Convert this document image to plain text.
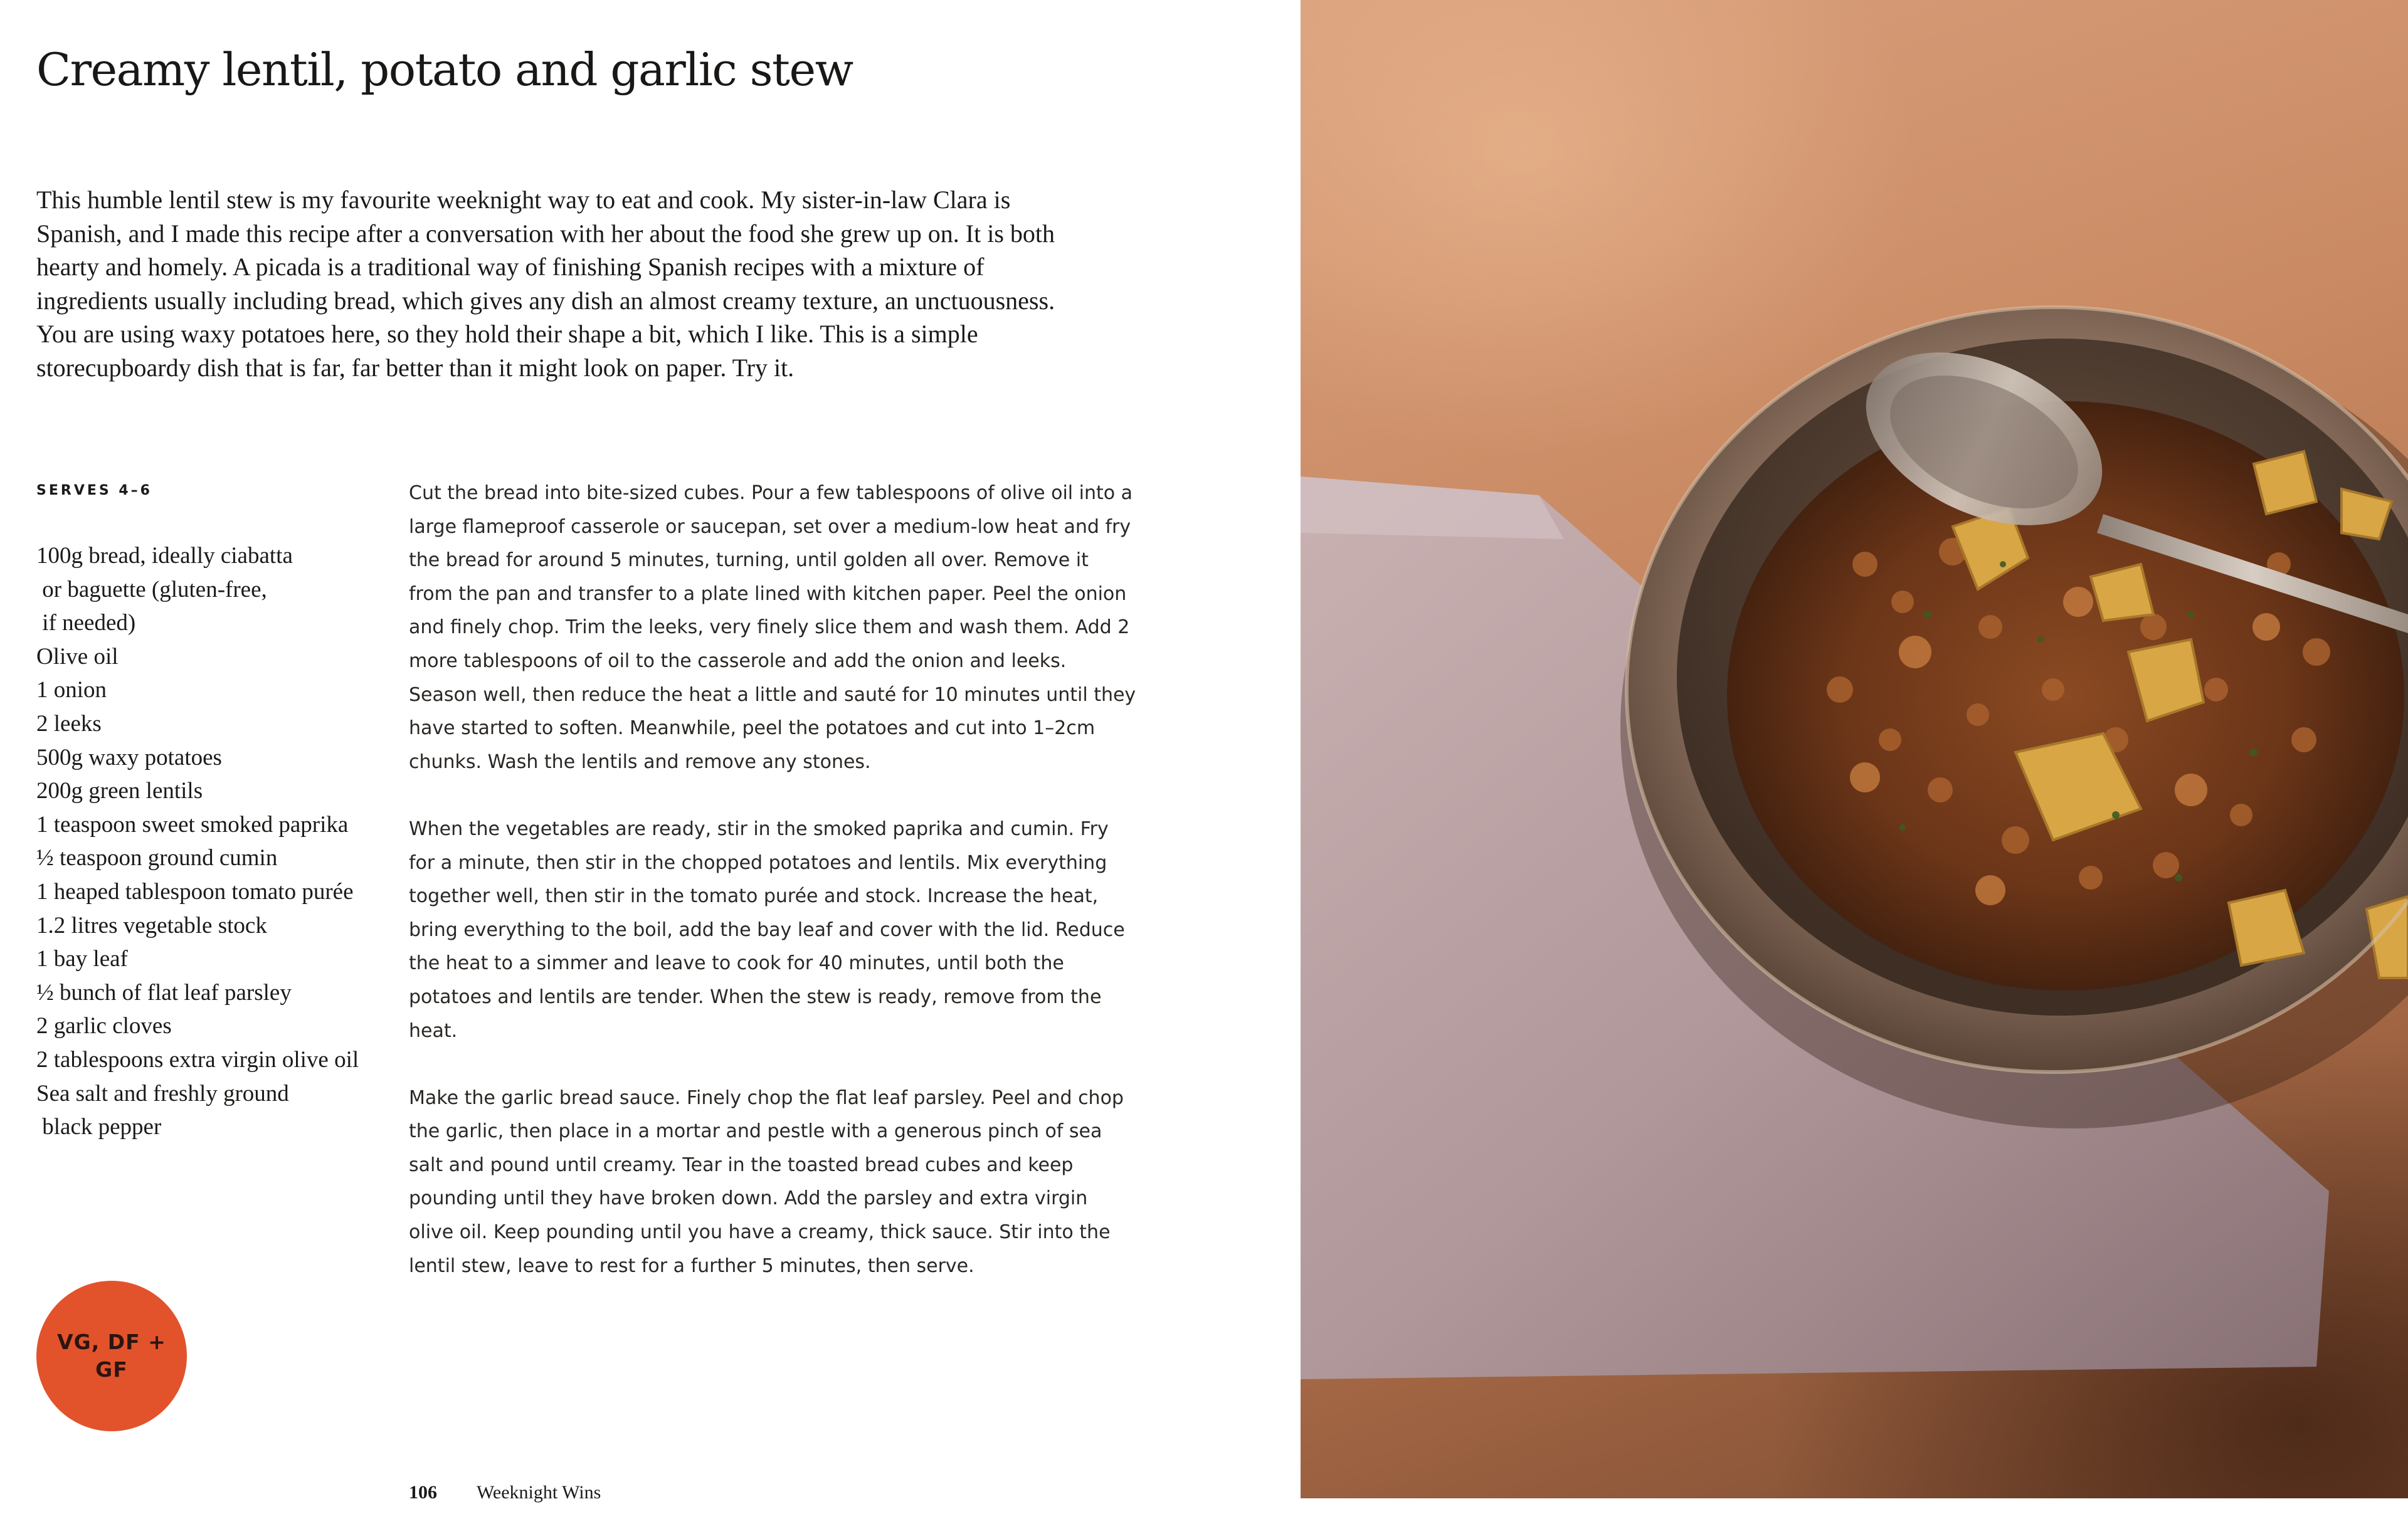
Creamy lentil, potato and garlic stew

This humble lentil stew is my favourite weeknight way to eat and cook. My sister-in-law Clara is Spanish, and I made this recipe after a conversation with her about the food she grew up on. It is both hearty and homely. A picada is a traditional way of finishing Spanish recipes with a mixture of ingredients usually including bread, which gives any dish an almost creamy texture, an unctuousness. You are using waxy potatoes here, so they hold their shape a bit, which I like. This is a simple storecupboardy dish that is far, far better than it might look on paper. Try it.

SERVES 4–6
100g bread, ideally ciabatta
or baguette (gluten-free,
if needed)
Olive oil
1 onion
2 leeks
500g waxy potatoes
200g green lentils
1 teaspoon sweet smoked paprika
½ teaspoon ground cumin
1 heaped tablespoon tomato purée
1.2 litres vegetable stock
1 bay leaf
½ bunch of flat leaf parsley
2 garlic cloves
2 tablespoons extra virgin olive oil
Sea salt and freshly ground
black pepper

Cut the bread into bite-sized cubes. Pour a few tablespoons of olive oil into a large flameproof casserole or saucepan, set over a medium-low heat and fry the bread for around 5 minutes, turning, until golden all over. Remove it from the pan and transfer to a plate lined with kitchen paper. Peel the onion and finely chop. Trim the leeks, very finely slice them and wash them. Add 2 more tablespoons of oil to the casserole and add the onion and leeks. Season well, then reduce the heat a little and sauté for 10 minutes until they have started to soften. Meanwhile, peel the potatoes and cut into 1–2cm chunks. Wash the lentils and remove any stones.

When the vegetables are ready, stir in the smoked paprika and cumin. Fry for a minute, then stir in the chopped potatoes and lentils. Mix everything together well, then stir in the tomato purée and stock. Increase the heat, bring everything to the boil, add the bay leaf and cover with the lid. Reduce the heat to a simmer and leave to cook for 40 minutes, until both the potatoes and lentils are tender. When the stew is ready, remove from the heat.

Make the garlic bread sauce. Finely chop the flat leaf parsley. Peel and chop the garlic, then place in a mortar and pestle with a generous pinch of sea salt and pound until creamy. Tear in the toasted bread cubes and keep pounding until they have broken down. Add the parsley and extra virgin olive oil. Keep pounding until you have a creamy, thick sauce. Stir into the lentil stew, leave to rest for a further 5 minutes, then serve.

VG, DF + GF
106 Weeknight Wins
